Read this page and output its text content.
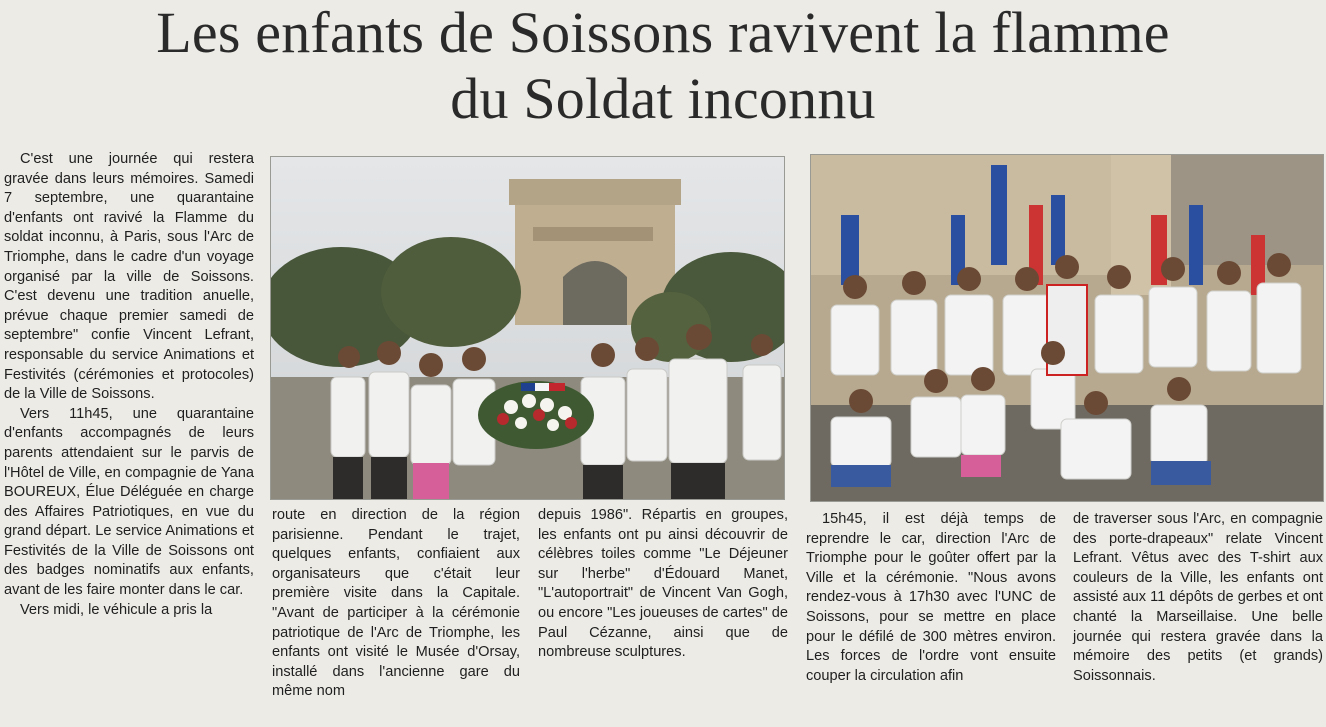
Les enfants de Soissons ravivent la flamme
du Soldat inconnu

C'est une journée qui restera gravée dans leurs mémoires. Samedi 7 septembre, une quarantaine d'enfants ont ravivé la Flamme du soldat inconnu, à Paris, sous l'Arc de Triomphe, dans le cadre d'un voyage organisé par la ville de Soissons. C'est devenu une tradition anuelle, prévue chaque premier samedi de septembre" confie Vincent Lefrant, responsable du service Animations et Festivités (cérémonies et protocoles) de la Ville de Soissons.

Vers 11h45, une quarantaine d'enfants accompagnés de leurs parents attendaient sur le parvis de l'Hôtel de Ville, en compagnie de Yana BOUREUX, Élue Déléguée en charge des Affaires Patriotiques, en vue du grand départ. Le service Animations et Festivités de la Ville de Soissons ont des badges nominatifs aux enfants, avant de les faire monter dans le car.

Vers midi, le véhicule a pris la

route en direction de la région parisienne. Pendant le trajet, quelques enfants, confiaient aux organisateurs que c'était leur première visite dans la Capitale. "Avant de participer à la cérémonie patriotique de l'Arc de Triomphe, les enfants ont visité le Musée d'Orsay, installé dans l'ancienne gare du même nom

depuis 1986". Répartis en groupes, les enfants ont pu ainsi découvrir de célèbres toiles comme "Le Déjeuner sur l'herbe" d'Édouard Manet, "L'autoportrait" de Vincent Van Gogh, ou encore "Les joueuses de cartes" de Paul Cézanne, ainsi que de nombreuse sculptures.

15h45, il est déjà temps de reprendre le car, direction l'Arc de Triomphe pour le goûter offert par la Ville et la cérémonie. "Nous avons rendez-vous à 17h30 avec l'UNC de Soissons, pour se mettre en place pour le défilé de 300 mètres environ. Les forces de l'ordre vont ensuite couper la circulation afin

de traverser sous l'Arc, en compagnie des porte-drapeaux" relate Vincent Lefrant. Vêtus avec des T-shirt aux couleurs de la Ville, les enfants ont assisté aux 11 dépôts de gerbes et ont chanté la Marseillaise. Une belle journée qui restera gravée dans la mémoire des petits (et grands) Soissonnais.
